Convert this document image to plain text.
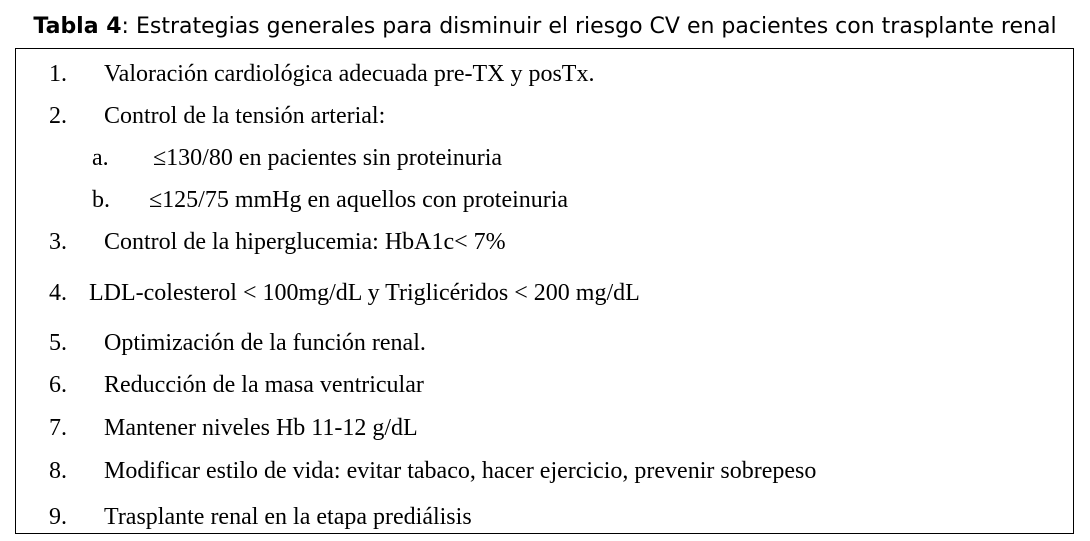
Tabla 4: Estrategias generales para disminuir el riesgo CV en pacientes con trasplante renal
1. Valoración cardiológica adecuada pre-TX y posTx.
2. Control de la tensión arterial:
a. ≤130/80 en pacientes sin proteinuria
b. ≤125/75 mmHg en aquellos con proteinuria
3. Control de la hiperglucemia: HbA1c< 7%
4. LDL-colesterol < 100mg/dL y Triglicéridos < 200 mg/dL
5. Optimización de la función renal.
6. Reducción de la masa ventricular
7. Mantener niveles Hb 11-12 g/dL
8. Modificar estilo de vida: evitar tabaco, hacer ejercicio, prevenir sobrepeso
9. Trasplante renal en la etapa prediálisis
